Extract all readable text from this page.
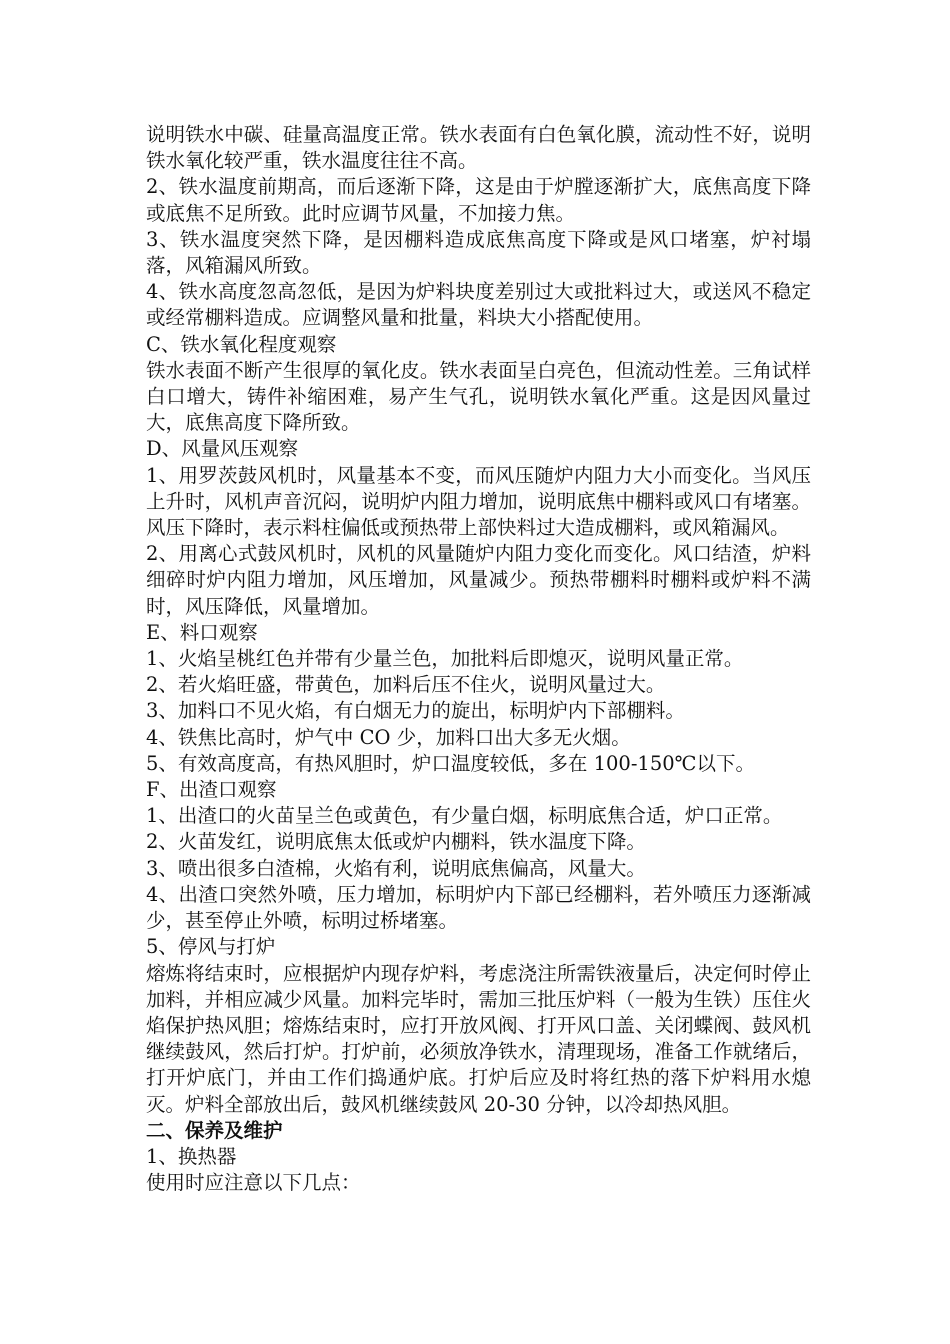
说明铁水中碳、硅量高温度正常。铁水表面有白色氧化膜，流动性不好，说明铁水氧化较严重，铁水温度往往不高。

2、铁水温度前期高，而后逐渐下降，这是由于炉膛逐渐扩大，底焦高度下降或底焦不足所致。此时应调节风量，不加接力焦。

3、铁水温度突然下降，是因棚料造成底焦高度下降或是风口堵塞，炉衬塌落，风箱漏风所致。

4、铁水高度忽高忽低，是因为炉料块度差别过大或批料过大，或送风不稳定或经常棚料造成。应调整风量和批量，料块大小搭配使用。

C、铁水氧化程度观察

铁水表面不断产生很厚的氧化皮。铁水表面呈白亮色，但流动性差。三角试样白口增大，铸件补缩困难，易产生气孔，说明铁水氧化严重。这是因风量过大，底焦高度下降所致。

D、风量风压观察

1、用罗茨鼓风机时，风量基本不变，而风压随炉内阻力大小而变化。当风压上升时，风机声音沉闷，说明炉内阻力增加，说明底焦中棚料或风口有堵塞。风压下降时，表示料柱偏低或预热带上部快料过大造成棚料，或风箱漏风。

2、用离心式鼓风机时，风机的风量随炉内阻力变化而变化。风口结渣，炉料细碎时炉内阻力增加，风压增加，风量减少。预热带棚料时棚料或炉料不满时，风压降低，风量增加。

E、料口观察

1、火焰呈桃红色并带有少量兰色，加批料后即熄灭，说明风量正常。

2、若火焰旺盛，带黄色，加料后压不住火，说明风量过大。

3、加料口不见火焰，有白烟无力的旋出，标明炉内下部棚料。

4、铁焦比高时，炉气中 CO 少，加料口出大多无火烟。

5、有效高度高，有热风胆时，炉口温度较低，多在 100-150℃以下。

F、出渣口观察

1、出渣口的火苗呈兰色或黄色，有少量白烟，标明底焦合适，炉口正常。

2、火苗发红，说明底焦太低或炉内棚料，铁水温度下降。

3、喷出很多白渣棉，火焰有利，说明底焦偏高，风量大。

4、出渣口突然外喷，压力增加，标明炉内下部已经棚料，若外喷压力逐渐减少，甚至停止外喷，标明过桥堵塞。

5、停风与打炉

熔炼将结束时，应根据炉内现存炉料，考虑浇注所需铁液量后，决定何时停止加料，并相应减少风量。加料完毕时，需加三批压炉料（一般为生铁）压住火焰保护热风胆；熔炼结束时，应打开放风阀、打开风口盖、关闭蝶阀、鼓风机继续鼓风，然后打炉。打炉前，必须放净铁水，清理现场，准备工作就绪后，打开炉底门，并由工作们捣通炉底。打炉后应及时将红热的落下炉料用水熄灭。炉料全部放出后，鼓风机继续鼓风 20-30 分钟，以冷却热风胆。

二、保养及维护

1、换热器

使用时应注意以下几点：
